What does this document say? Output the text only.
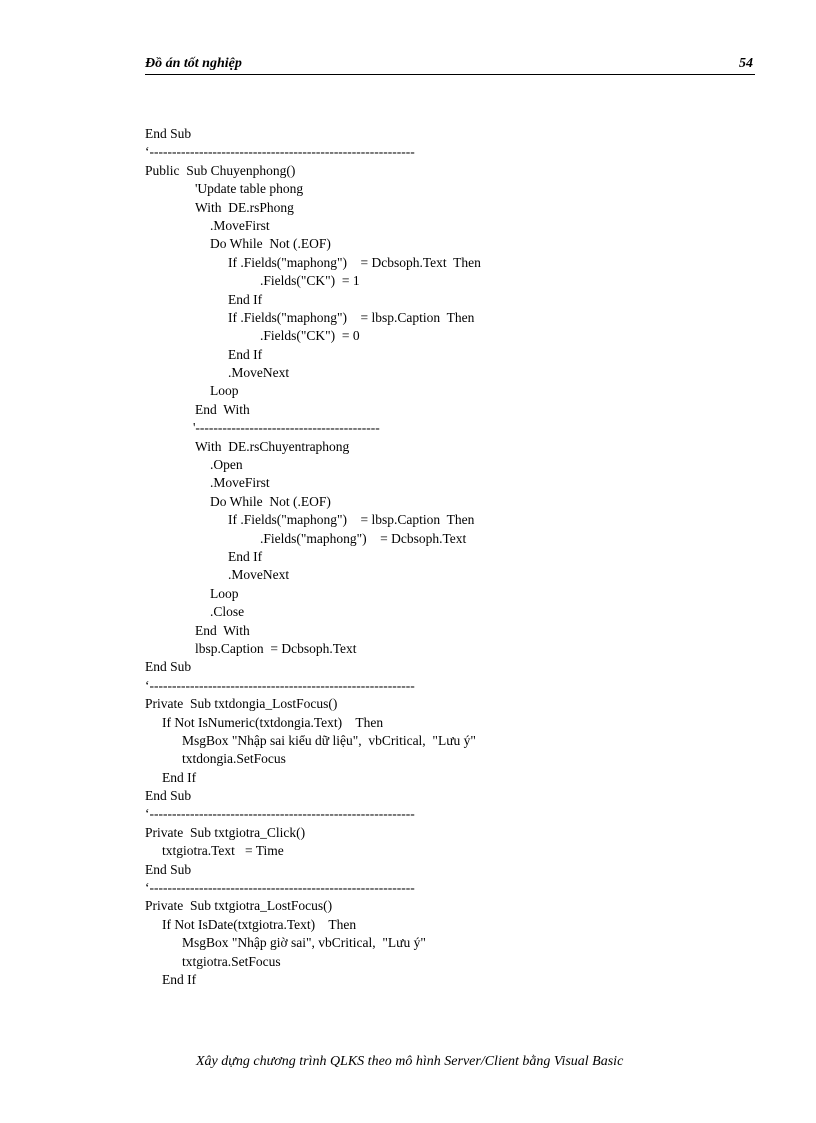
Đồ án tốt nghiệp	54
End Sub
‘-----------------------------------------------------------
Public  Sub Chuyenphong()
'Update table phong
With  DE.rsPhong
.MoveFirst
Do While  Not (.EOF)
If .Fields("maphong")    = Dcbsoph.Text  Then
.Fields("CK")  = 1
End If
If .Fields("maphong")    = lbsp.Caption  Then
.Fields("CK")  = 0
End If
.MoveNext
Loop
End  With
'-----------------------------------------
With  DE.rsChuyentraphong
.Open
.MoveFirst
Do While  Not (.EOF)
If .Fields("maphong")    = lbsp.Caption  Then
.Fields("maphong")    = Dcbsoph.Text
End If
.MoveNext
Loop
.Close
End  With
lbsp.Caption  = Dcbsoph.Text
End Sub
‘-----------------------------------------------------------
Private  Sub txtdongia_LostFocus()
If Not IsNumeric(txtdongia.Text)    Then
MsgBox "Nhập sai kiểu dữ liệu",  vbCritical,  "Lưu ý"
txtdongia.SetFocus
End If
End Sub
‘-----------------------------------------------------------
Private  Sub txtgiotra_Click()
txtgiotra.Text   = Time
End Sub
‘-----------------------------------------------------------
Private  Sub txtgiotra_LostFocus()
If Not IsDate(txtgiotra.Text)    Then
MsgBox "Nhập giờ sai", vbCritical,  "Lưu ý"
txtgiotra.SetFocus
End If
Xây dựng chương trình QLKS theo mô hình Server/Client bằng Visual Basic
